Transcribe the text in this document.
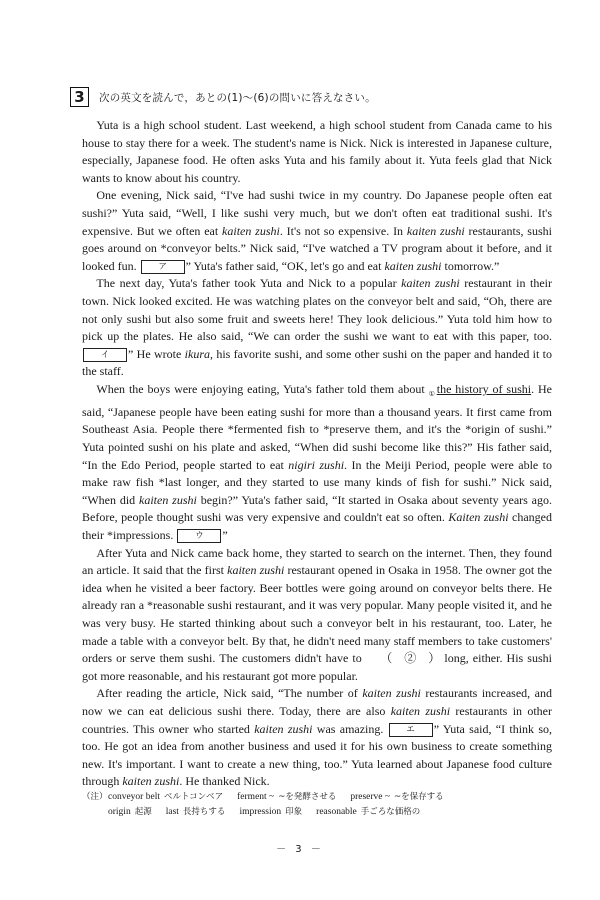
3	次の英文を読んで，あとの(1)〜(6)の問いに答えなさい。

Yuta is a high school student. Last weekend, a high school student from Canada came to his house to stay there for a week. The student's name is Nick. Nick is interested in Japanese culture, especially, Japanese food. He often asks Yuta and his family about it. Yuta feels glad that Nick wants to know about his country.

One evening, Nick said, “I've had sushi twice in my country. Do Japanese people often eat sushi?” Yuta said, “Well, I like sushi very much, but we don't often eat traditional sushi. It's expensive. But we often eat kaiten zushi. It's not so expensive. In kaiten zushi restaurants, sushi goes around on *conveyor belts.” Nick said, “I've watched a TV program about it before, and it looked fun. ア ” Yuta's father said, “OK, let's go and eat kaiten zushi tomorrow.”

The next day, Yuta's father took Yuta and Nick to a popular kaiten zushi restaurant in their town. Nick looked excited. He was watching plates on the conveyor belt and said, “Oh, there are not only sushi but also some fruit and sweets here! They look delicious.” Yuta told him how to pick up the plates. He also said, “We can order the sushi we want to eat with this paper, too. イ ” He wrote ikura, his favorite sushi, and some other sushi on the paper and handed it to the staff.

When the boys were enjoying eating, Yuta's father told them about $_①$the history of sushi. He said, “Japanese people have been eating sushi for more than a thousand years. It first came from Southeast Asia. People there *fermented fish to *preserve them, and it's the *origin of sushi.” Yuta pointed sushi on his plate and asked, “When did sushi become like this?” His father said, “In the Edo Period, people started to eat nigiri zushi. In the Meiji Period, people were able to make raw fish *last longer, and they started to use many kinds of fish for sushi.” Nick said, “When did kaiten zushi begin?” Yuta's father said, “It started in Osaka about seventy years ago. Before, people thought sushi was very expensive and couldn't eat so often. Kaiten zushi changed their *impressions. ウ ”

After Yuta and Nick came back home, they started to search on the internet. Then, they found an article. It said that the first kaiten zushi restaurant opened in Osaka in 1958. The owner got the idea when he visited a beer factory. Beer bottles were going around on conveyor belts there. He already ran a *reasonable sushi restaurant, and it was very popular. Many people visited it, and he was very busy. He started thinking about such a conveyor belt in his restaurant, too. Later, he made a table with a conveyor belt. By that, he didn't need many staff members to take customers' orders or serve them sushi. The customers didn't have to （　②　） long, either. His sushi got more reasonable, and his restaurant got more popular.

After reading the article, Nick said, “The number of kaiten zushi restaurants increased, and now we can eat delicious sushi there. Today, there are also kaiten zushi restaurants in other countries. This owner who started kaiten zushi was amazing. エ ” Yuta said, “I think so, too. He got an idea from another business and used it for his own business to create something new. It's important. I want to create a new thing, too.” Yuta learned about Japanese food culture through kaiten zushi. He thanked Nick.

（注） conveyor belt ベルトコンベア ferment ~ ~を発酵させる preserve ~ ~を保存する
origin 起源 last 長持ちする impression 印象 reasonable 手ごろな価格の
－ 3 －
